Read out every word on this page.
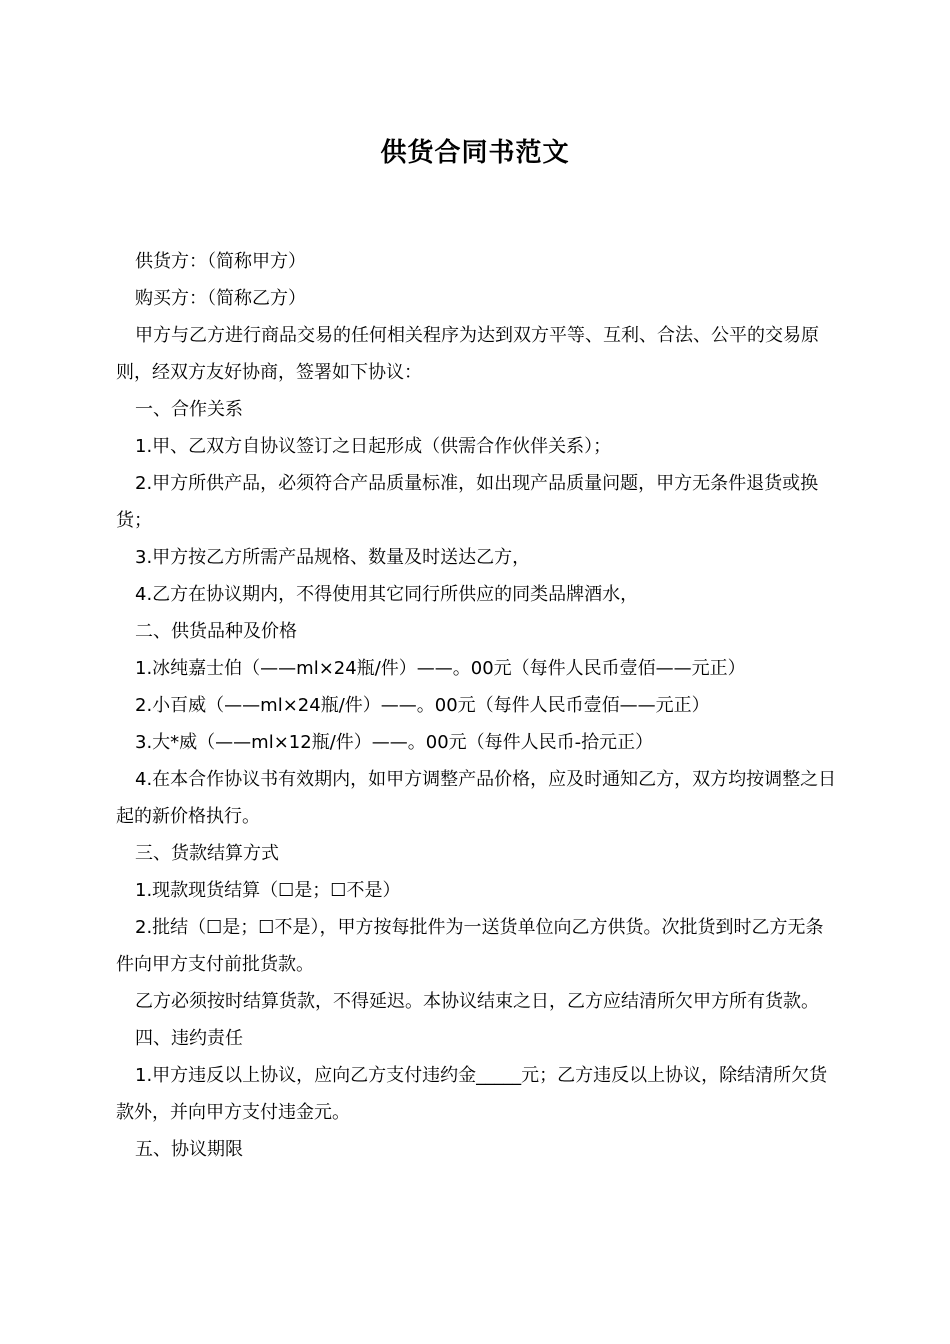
供货合同书范文

供货方：（简称甲方）

购买方：（简称乙方）

甲方与乙方进行商品交易的任何相关程序为达到双方平等、互利、合法、公平的交易原则，经双方友好协商，签署如下协议：

一、合作关系

1.甲、乙双方自协议签订之日起形成（供需合作伙伴关系）；

2.甲方所供产品，必须符合产品质量标准，如出现产品质量问题，甲方无条件退货或换货；

3.甲方按乙方所需产品规格、数量及时送达乙方，

4.乙方在协议期内，不得使用其它同行所供应的同类品牌酒水，

二、供货品种及价格

1.冰纯嘉士伯（——ml×24瓶/件）——。00元（每件人民币壹佰——元正）

2.小百威（——ml×24瓶/件）——。00元（每件人民币壹佰——元正）

3.大*威（——ml×12瓶/件）——。00元（每件人民币-拾元正）

4.在本合作协议书有效期内，如甲方调整产品价格，应及时通知乙方，双方均按调整之日起的新价格执行。

三、货款结算方式

1.现款现货结算（☐是；☐不是）

2.批结（☐是；☐不是），甲方按每批件为一送货单位向乙方供货。次批货到时乙方无条件向甲方支付前批货款。

乙方必须按时结算货款，不得延迟。本协议结束之日，乙方应结清所欠甲方所有货款。

四、违约责任

1.甲方违反以上协议，应向乙方支付违约金_____元；乙方违反以上协议，除结清所欠货款外，并向甲方支付违金元。

五、协议期限
